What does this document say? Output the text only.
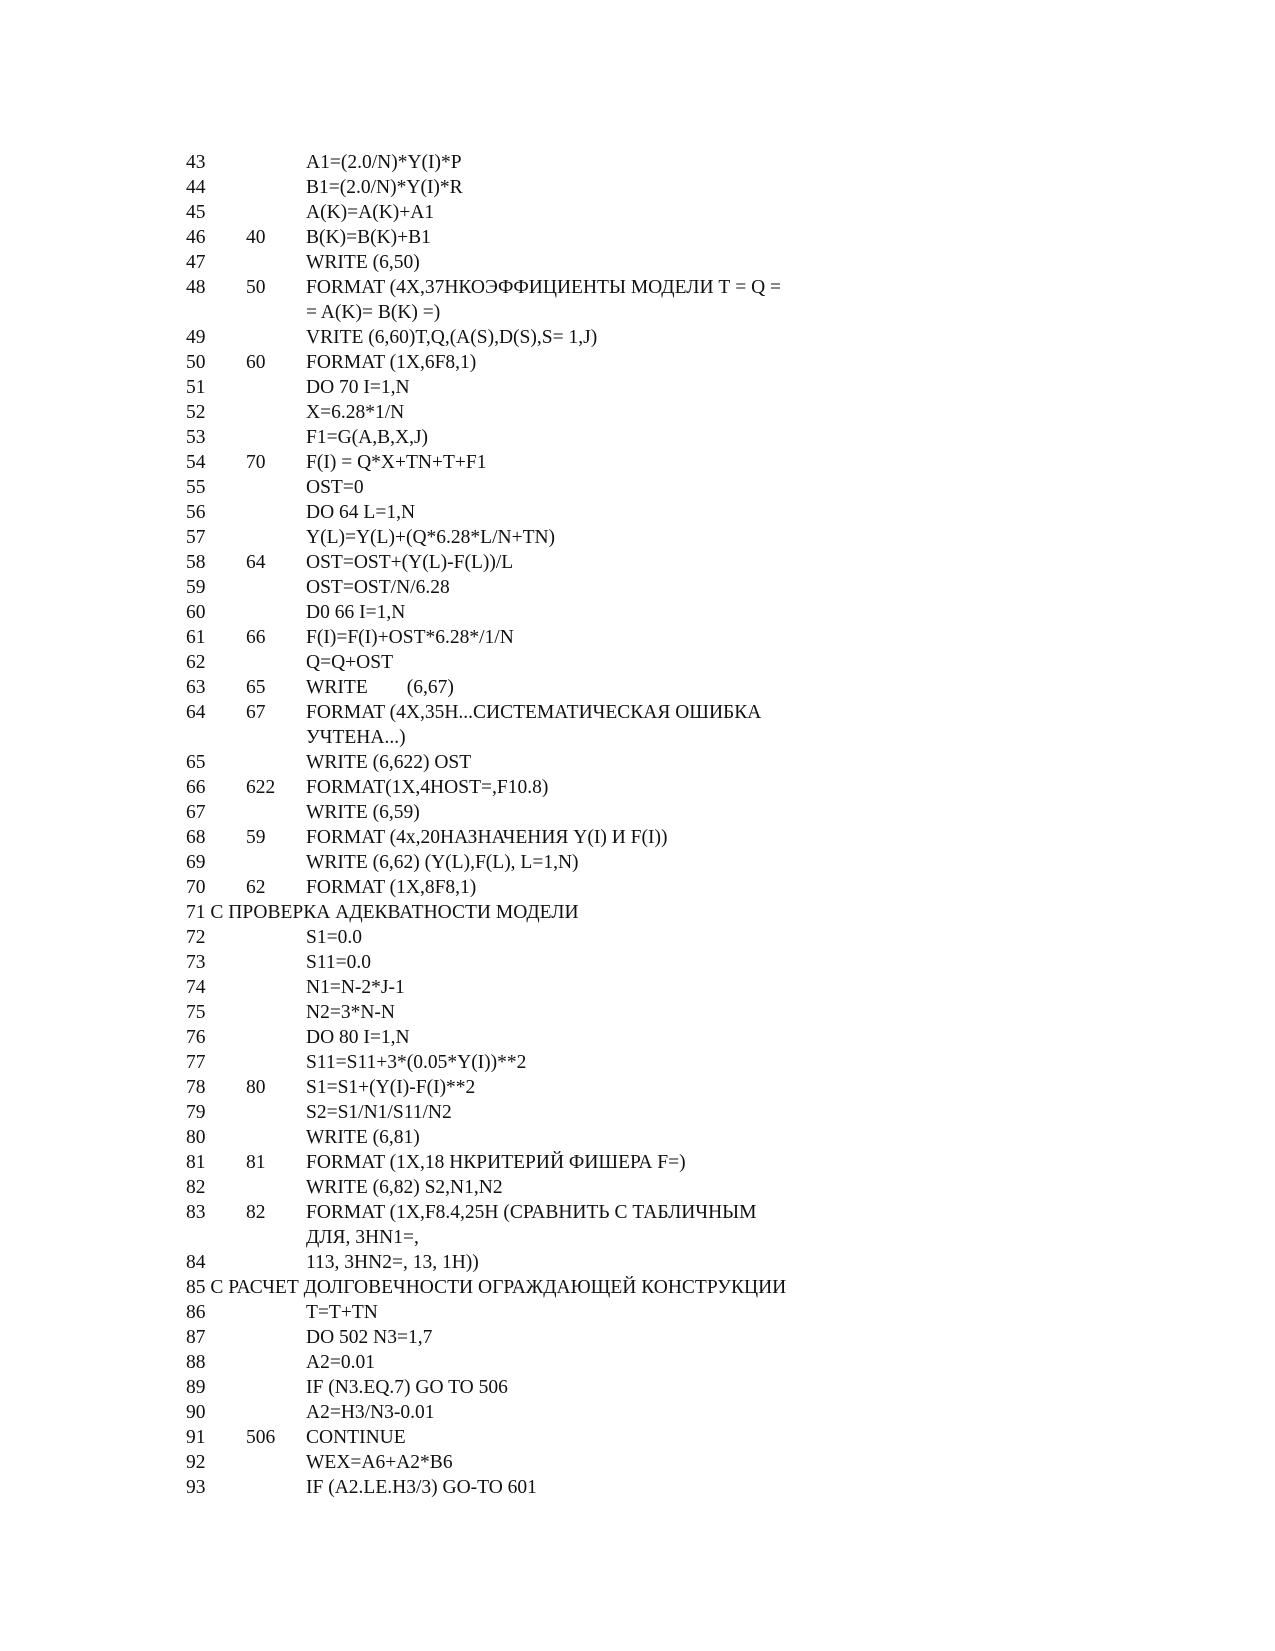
43	A1=(2.0/N)*Y(I)*P
44	B1=(2.0/N)*Y(I)*R
45	A(K)=A(K)+A1
46 40 B(K)=B(K)+B1
47	WRITE (6,50)
48 50 FORMAT (4X,37НКОЭФФИЦИЕНТЫ МОДЕЛИ Т = Q =
= A(K)= B(K) =)
49	VRITE (6,60)T,Q,(A(S),D(S),S= 1,J)
50 60 FORMAT (1X,6F8,1)
51	DO 70 I=1,N
52	X=6.28*1/N
53	F1=G(A,B,X,J)
54 70 F(I) = Q*X+TN+T+F1
55	OST=0
56	DO 64 L=1,N
57	Y(L)=Y(L)+(Q*6.28*L/N+TN)
58 64 OST=OST+(Y(L)-F(L))/L
59	OST=OST/N/6.28
60	D0 66 I=1,N
61 66 F(I)=F(I)+OST*6.28*/1/N
62	Q=Q+OST
63 65 WRITE        (6,67)
64 67 FORMAT (4X,35H...СИСТЕМАТИЧЕСКАЯ ОШИБКА
УЧТЕНА...)
65	WRITE (6,622) OST
66 622 FORMAT(1X,4HOST=,F10.8)
67	WRITE (6,59)
68 59 FORMAT (4x,20НАЗНАЧЕНИЯ Y(I) И F(I))
69	WRITE (6,62) (Y(L),F(L), L=1,N)
70 62 FORMAT (1X,8F8,1)
71 С ПРОВЕРКА АДЕКВАТНОСТИ МОДЕЛИ
72	S1=0.0
73	S11=0.0
74	N1=N-2*J-1
75	N2=3*N-N
76	DO 80 I=1,N
77	S11=S11+3*(0.05*Y(I))**2
78 80 S1=S1+(Y(I)-F(I)**2
79	S2=S1/N1/S11/N2
80	WRITE (6,81)
81 81 FORMAT (1X,18 НКРИТЕРИЙ ФИШЕРА F=)
82	WRITE (6,82) S2,N1,N2
83 82 FORMAT (1X,F8.4,25H (СРАВНИТЬ С ТАБЛИЧНЫМ
ДЛЯ, 3HN1=,
84	113, 3HN2=, 13, 1H))
85 С РАСЧЕТ ДОЛГОВЕЧНОСТИ ОГРАЖДАЮЩЕЙ КОНСТРУКЦИИ
86	T=T+TN
87	DO 502 N3=1,7
88	A2=0.01
89	IF (N3.EQ.7) GO TO 506
90	A2=H3/N3-0.01
91 506 CONTINUE
92	WEX=A6+A2*B6
93	IF (A2.LE.H3/3) GO-TO 601
